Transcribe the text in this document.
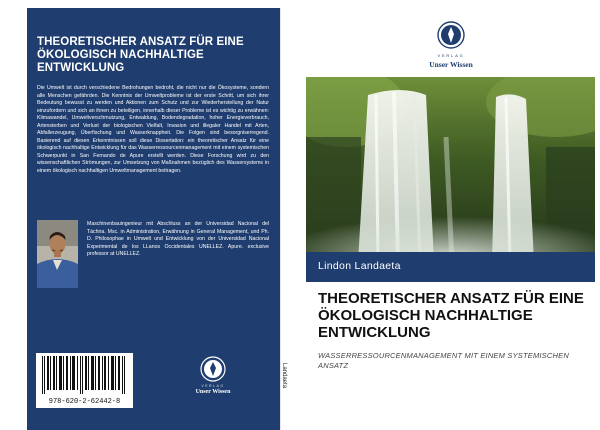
THEORETISCHER ANSATZ FÜR EINE ÖKOLOGISCH NACHHALTIGE ENTWICKLUNG
Die Umwelt ist durch verschiedene Bedrohungen bedroht, die nicht nur die Ökosysteme, sondern alle Menschen gefährden. Die Kenntnis der Umweltprobleme ist der erste Schritt, um sich ihrer Bedeutung bewusst zu werden und Aktionen zum Schutz und zur Wiederherstellung der Natur einzufordern und sich an ihnen zu beteiligen, innerhalb dieser Probleme ist es wichtig zu erwähnen: Klimawandel, Umweltverschmutzung, Entwaldung, Bodendegradation, hoher Energieverbrauch, Artensterben und Verlust der biologischen Vielfalt, Invasion und illegaler Handel mit Arten, Abfallerzeugung, Überfischung und Wasserknappheit. Die Folgen sind besorgniserregend. Basierend auf diesen Erkenntnissen soll diese Dissertation: ein theoretischer Ansatz für eine ökologisch nachhaltige Entwicklung für das Wasserressourcenmanagement mit einem systemischen Schwerpunkt in San Fernando de Apure erstellt werden. Diese Forschung wird zu den wissenschaftlichen Strömungen, zur Umsetzung von Maßnahmen bezüglich des Wassersystems in einem ökologisch nachhaltigen Umweltmanagement beitragen.
Maschinenbauingenieur mit Abschluss an der Universidad Nacional del Táchira. Msc. in Administration, Erwähnung in General Management, und Ph. D. Philosophae in Umwelt und Entwicklung von der Universidad Nacional Experimental de los LLanos Occidentales UNELLEZ. Apure. exclusive professor at UNELLEZ.
978-620-2-62442-8
VERLAG
Unser Wissen
Landaeta
VERLAG
Unser Wissen
Lindon Landaeta
THEORETISCHER ANSATZ FÜR EINE ÖKOLOGISCH NACHHALTIGE ENTWICKLUNG
WASSERRESSOURCENMANAGEMENT MIT EINEM SYSTEMISCHEN ANSATZ
